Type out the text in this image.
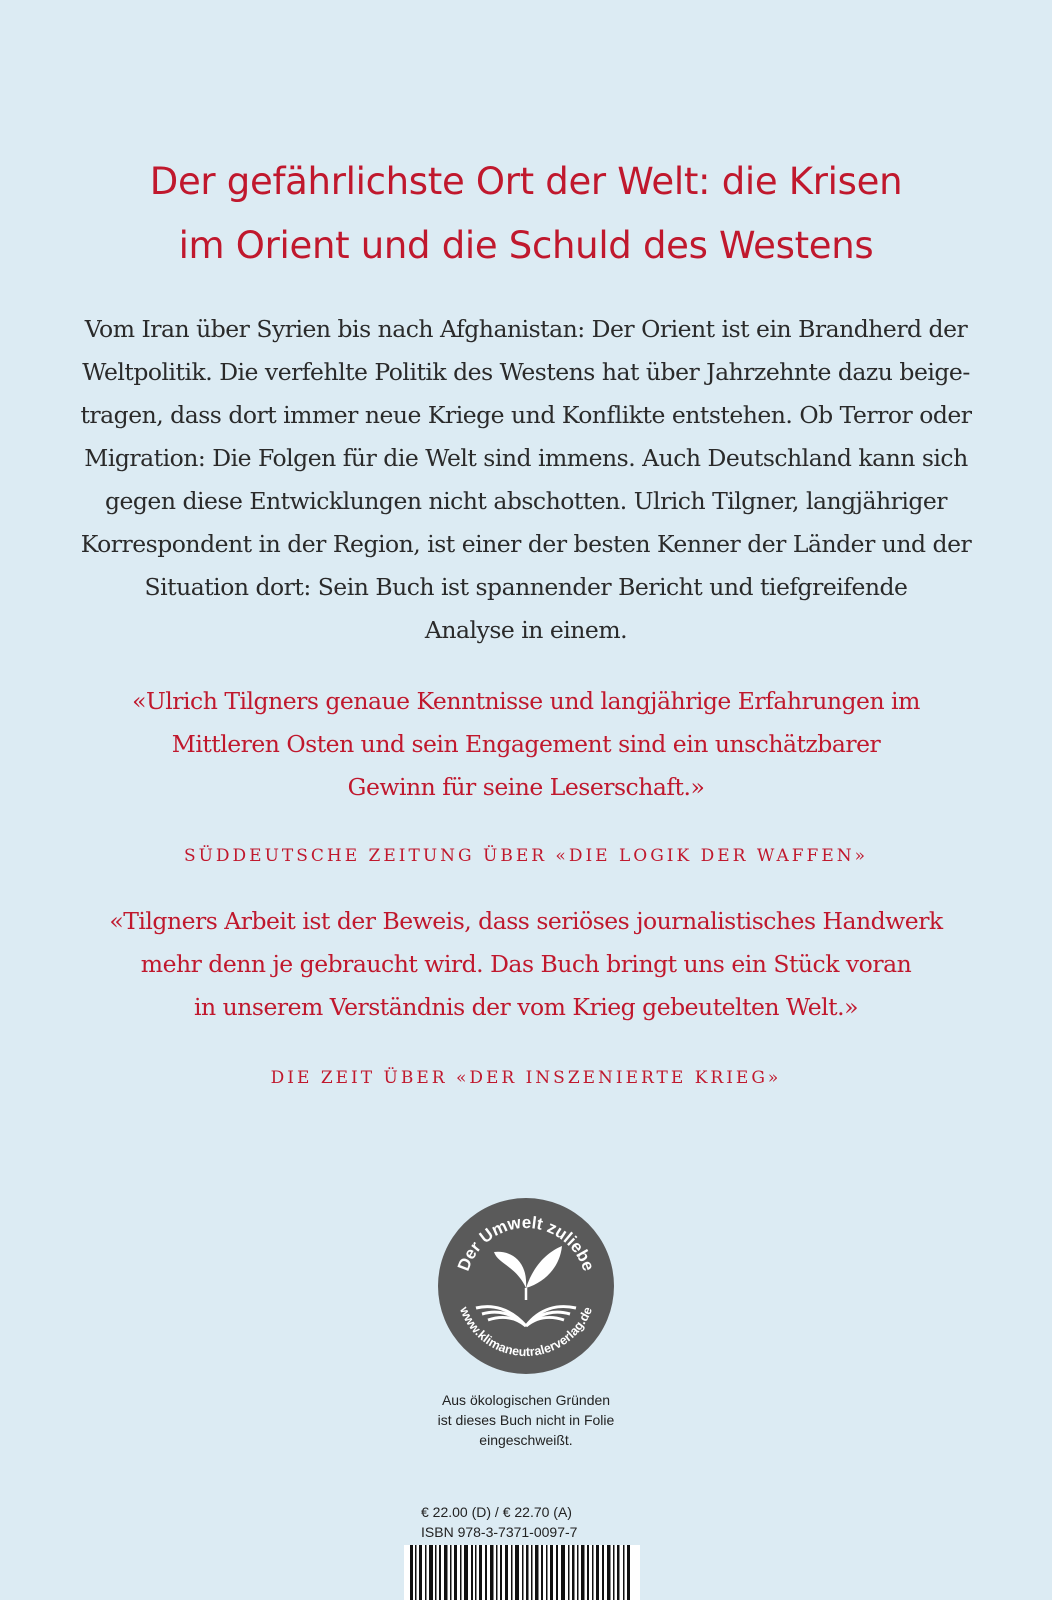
Der gefährlichste Ort der Welt: die Krisen
im Orient und die Schuld des Westens
Vom Iran über Syrien bis nach Afghanistan: Der Orient ist ein Brandherd der
Weltpolitik. Die verfehlte Politik des Westens hat über Jahrzehnte dazu beige-
tragen, dass dort immer neue Kriege und Konflikte entstehen. Ob Terror oder
Migration: Die Folgen für die Welt sind immens. Auch Deutschland kann sich
gegen diese Entwicklungen nicht abschotten. Ulrich Tilgner, langjähriger
Korrespondent in der Region, ist einer der besten Kenner der Länder und der
Situation dort: Sein Buch ist spannender Bericht und tiefgreifende
Analyse in einem.
«Ulrich Tilgners genaue Kenntnisse und langjährige Erfahrungen im
Mittleren Osten und sein Engagement sind ein unschätzbarer
Gewinn für seine Leserschaft.»
SÜDDEUTSCHE ZEITUNG ÜBER «DIE LOGIK DER WAFFEN»
«Tilgners Arbeit ist der Beweis, dass seriöses journalistisches Handwerk
mehr denn je gebraucht wird. Das Buch bringt uns ein Stück voran
in unserem Verständnis der vom Krieg gebeutelten Welt.»
DIE ZEIT ÜBER «DER INSZENIERTE KRIEG»
Der Umwelt zuliebe
www.klimaneutralerverlag.de
Aus ökologischen Gründen
ist dieses Buch nicht in Folie
eingeschweißt.
€ 22.00 (D) / € 22.70 (A)
ISBN 978-3-7371-0097-7
